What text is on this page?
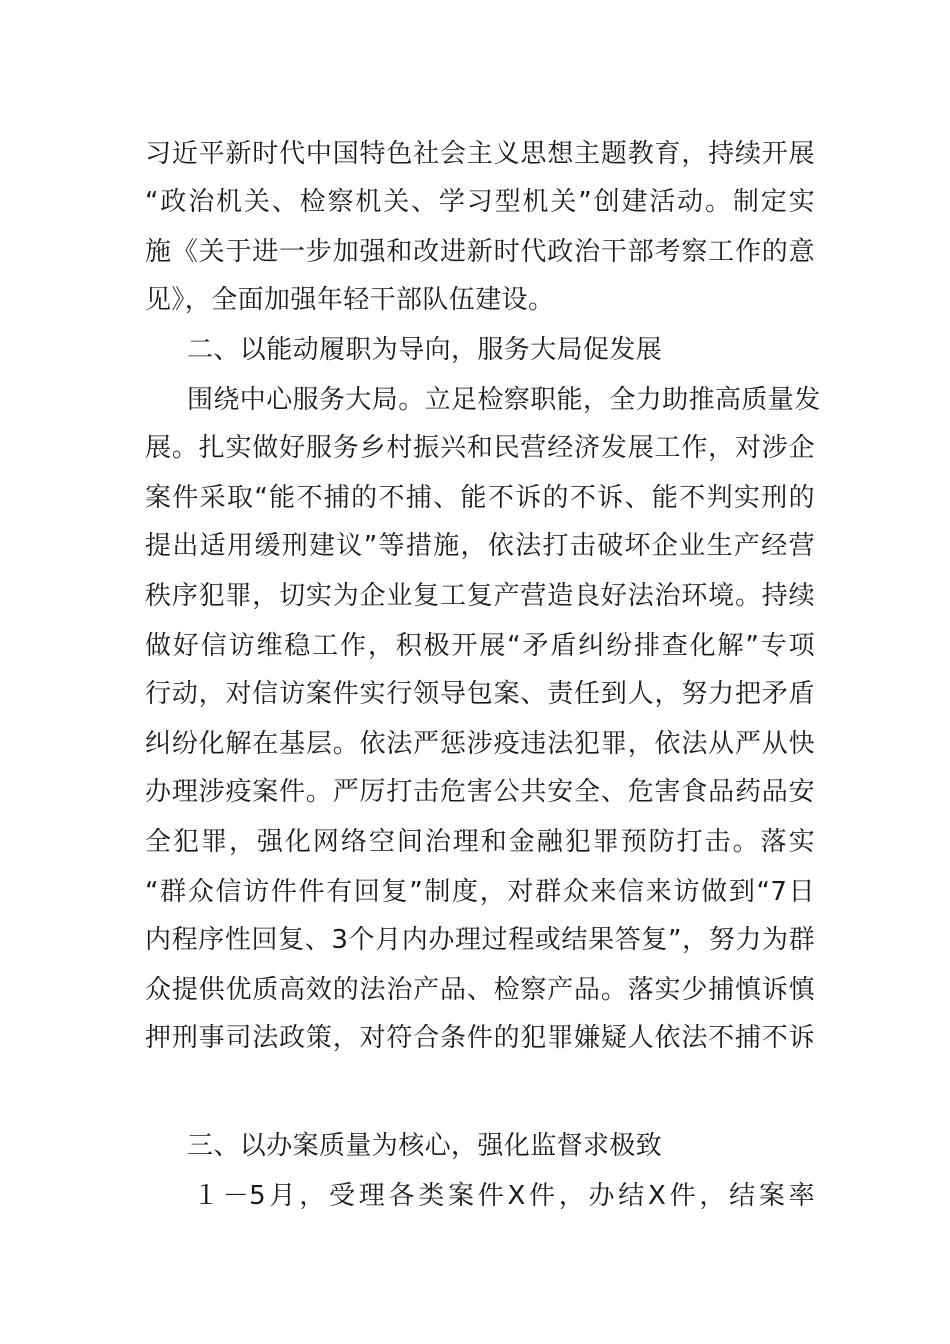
习近平新时代中国特色社会主义思想主题教育，持续开展
“政治机关、检察机关、学习型机关”创建活动。制定实
施《关于进一步加强和改进新时代政治干部考察工作的意
见》，全面加强年轻干部队伍建设。
二、以能动履职为导向，服务大局促发展
围绕中心服务大局。立足检察职能，全力助推高质量发
展。扎实做好服务乡村振兴和民营经济发展工作，对涉企
案件采取“能不捕的不捕、能不诉的不诉、能不判实刑的
提出适用缓刑建议”等措施，依法打击破坏企业生产经营
秩序犯罪，切实为企业复工复产营造良好法治环境。持续
做好信访维稳工作，积极开展“矛盾纠纷排查化解”专项
行动，对信访案件实行领导包案、责任到人，努力把矛盾
纠纷化解在基层。依法严惩涉疫违法犯罪，依法从严从快
办理涉疫案件。严厉打击危害公共安全、危害食品药品安
全犯罪，强化网络空间治理和金融犯罪预防打击。落实
“群众信访件件有回复”制度，对群众来信来访做到“7日
内程序性回复、3个月内办理过程或结果答复”，努力为群
众提供优质高效的法治产品、检察产品。落实少捕慎诉慎
押刑事司法政策，对符合条件的犯罪嫌疑人依法不捕不诉
三、以办案质量为核心，强化监督求极致
１－5月，受理各类案件X件，办结X件，结案率
